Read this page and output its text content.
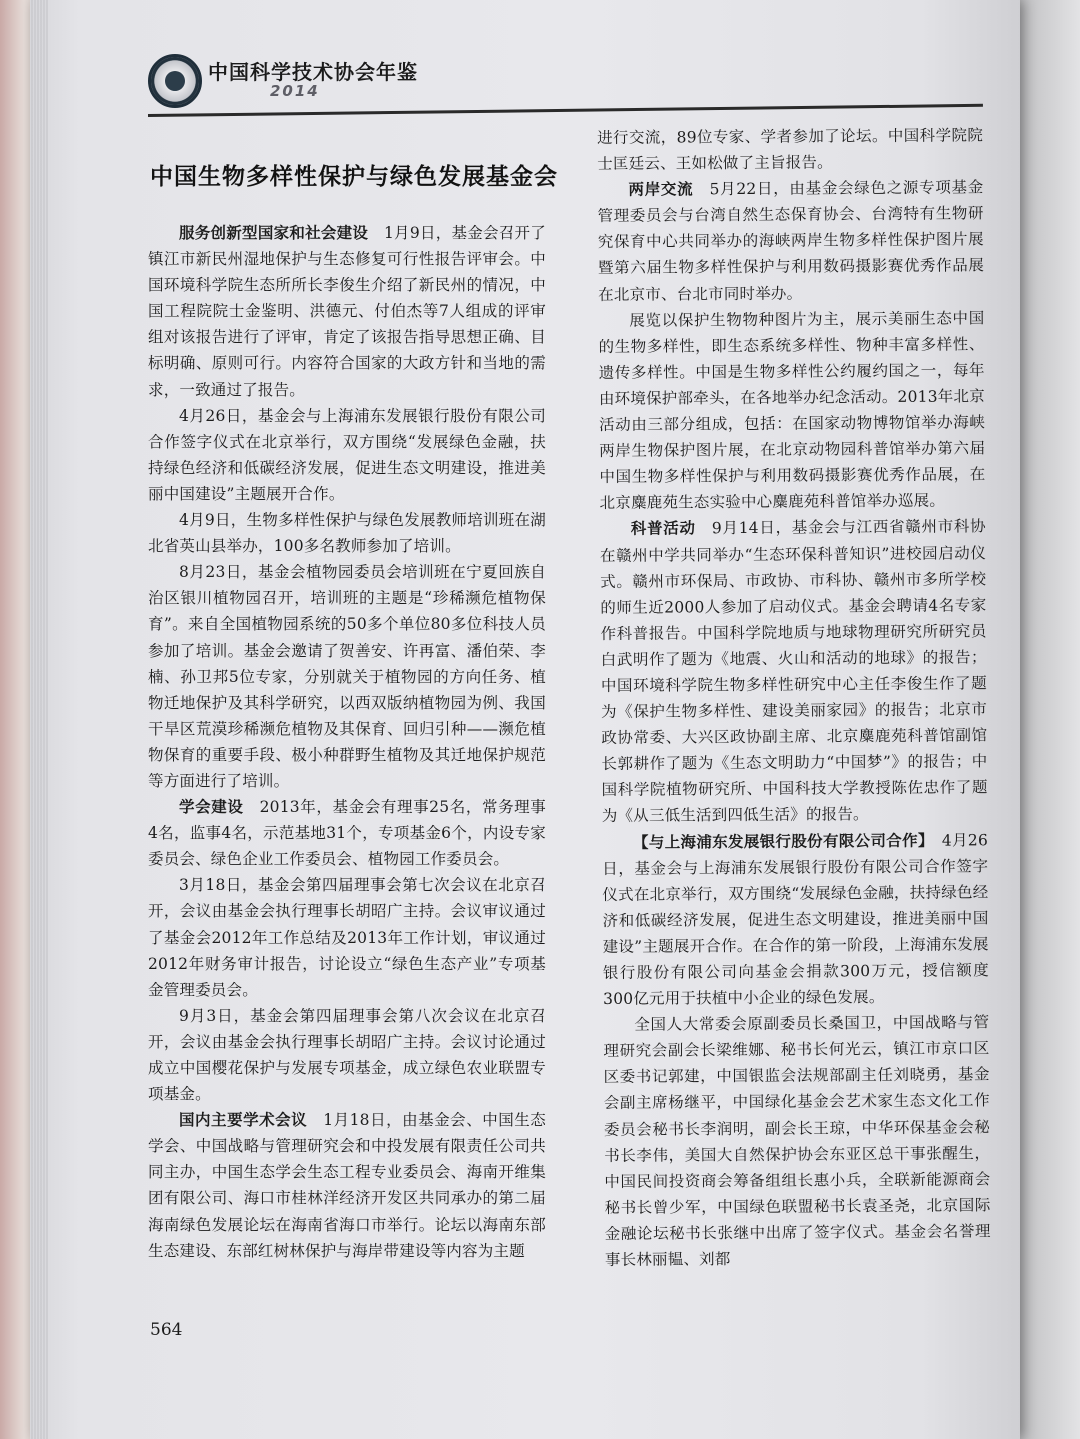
中国科学技术协会年鉴
2014
中国生物多样性保护与绿色发展基金会

服务创新型国家和社会建设　 1月9日，基金会召开了镇江市新民州湿地保护与生态修复可行性报告评审会。中国环境科学院生态所所长李俊生介绍了新民州的情况，中国工程院院士金鉴明、洪德元、付伯杰等7人组成的评审组对该报告进行了评审，肯定了该报告指导思想正确、目标明确、原则可行。内容符合国家的大政方针和当地的需求，一致通过了报告。

4月26日，基金会与上海浦东发展银行股份有限公司合作签字仪式在北京举行，双方围绕“发展绿色金融，扶持绿色经济和低碳经济发展，促进生态文明建设，推进美丽中国建设”主题展开合作。

4月9日，生物多样性保护与绿色发展教师培训班在湖北省英山县举办，100多名教师参加了培训。

8月23日，基金会植物园委员会培训班在宁夏回族自治区银川植物园召开，培训班的主题是“珍稀濒危植物保育”。来自全国植物园系统的50多个单位80多位科技人员参加了培训。基金会邀请了贺善安、许再富、潘伯荣、李楠、孙卫邦5位专家，分别就关于植物园的方向任务、植物迁地保护及其科学研究，以西双版纳植物园为例、我国干旱区荒漠珍稀濒危植物及其保育、回归引种——濒危植物保育的重要手段、极小种群野生植物及其迁地保护规范等方面进行了培训。

学会建设　 2013年，基金会有理事25名，常务理事4名，监事4名，示范基地31个，专项基金6个，内设专家委员会、绿色企业工作委员会、植物园工作委员会。

3月18日，基金会第四届理事会第七次会议在北京召开，会议由基金会执行理事长胡昭广主持。会议审议通过了基金会2012年工作总结及2013年工作计划，审议通过2012年财务审计报告，讨论设立“绿色生态产业”专项基金管理委员会。

9月3日，基金会第四届理事会第八次会议在北京召开，会议由基金会执行理事长胡昭广主持。会议讨论通过成立中国樱花保护与发展专项基金，成立绿色农业联盟专项基金。

国内主要学术会议　 1月18日，由基金会、中国生态学会、中国战略与管理研究会和中投发展有限责任公司共同主办，中国生态学会生态工程专业委员会、海南开维集团有限公司、海口市桂林洋经济开发区共同承办的第二届海南绿色发展论坛在海南省海口市举行。论坛以海南东部生态建设、东部红树林保护与海岸带建设等内容为主题

进行交流，89位专家、学者参加了论坛。中国科学院院士匡廷云、王如松做了主旨报告。

两岸交流　 5月22日，由基金会绿色之源专项基金管理委员会与台湾自然生态保育协会、台湾特有生物研究保育中心共同举办的海峡两岸生物多样性保护图片展暨第六届生物多样性保护与利用数码摄影赛优秀作品展在北京市、台北市同时举办。

展览以保护生物物种图片为主，展示美丽生态中国的生物多样性，即生态系统多样性、物种丰富多样性、遗传多样性。中国是生物多样性公约履约国之一，每年由环境保护部牵头，在各地举办纪念活动。2013年北京活动由三部分组成，包括：在国家动物博物馆举办海峡两岸生物保护图片展，在北京动物园科普馆举办第六届中国生物多样性保护与利用数码摄影赛优秀作品展，在北京麋鹿苑生态实验中心麋鹿苑科普馆举办巡展。

科普活动　 9月14日，基金会与江西省赣州市科协在赣州中学共同举办“生态环保科普知识”进校园启动仪式。赣州市环保局、市政协、市科协、赣州市多所学校的师生近2000人参加了启动仪式。基金会聘请4名专家作科普报告。中国科学院地质与地球物理研究所研究员白武明作了题为《地震、火山和活动的地球》的报告；中国环境科学院生物多样性研究中心主任李俊生作了题为《保护生物多样性、建设美丽家园》的报告；北京市政协常委、大兴区政协副主席、北京麋鹿苑科普馆副馆长郭耕作了题为《生态文明助力“中国梦”》的报告；中国科学院植物研究所、中国科技大学教授陈佐忠作了题为《从三低生活到四低生活》的报告。

【与上海浦东发展银行股份有限公司合作】　 4月26日，基金会与上海浦东发展银行股份有限公司合作签字仪式在北京举行，双方围绕“发展绿色金融，扶持绿色经济和低碳经济发展，促进生态文明建设，推进美丽中国建设”主题展开合作。在合作的第一阶段，上海浦东发展银行股份有限公司向基金会捐款300万元，授信额度300亿元用于扶植中小企业的绿色发展。

全国人大常委会原副委员长桑国卫，中国战略与管理研究会副会长梁维娜、秘书长何光云，镇江市京口区区委书记郭建，中国银监会法规部副主任刘晓勇，基金会副主席杨继平，中国绿化基金会艺术家生态文化工作委员会秘书长李润明，副会长王琼，中华环保基金会秘书长李伟，美国大自然保护协会东亚区总干事张醒生，中国民间投资商会筹备组组长惠小兵，全联新能源商会秘书长曾少军，中国绿色联盟秘书长袁圣尧，北京国际金融论坛秘书长张继中出席了签字仪式。基金会名誉理事长林丽韫、刘都

564
